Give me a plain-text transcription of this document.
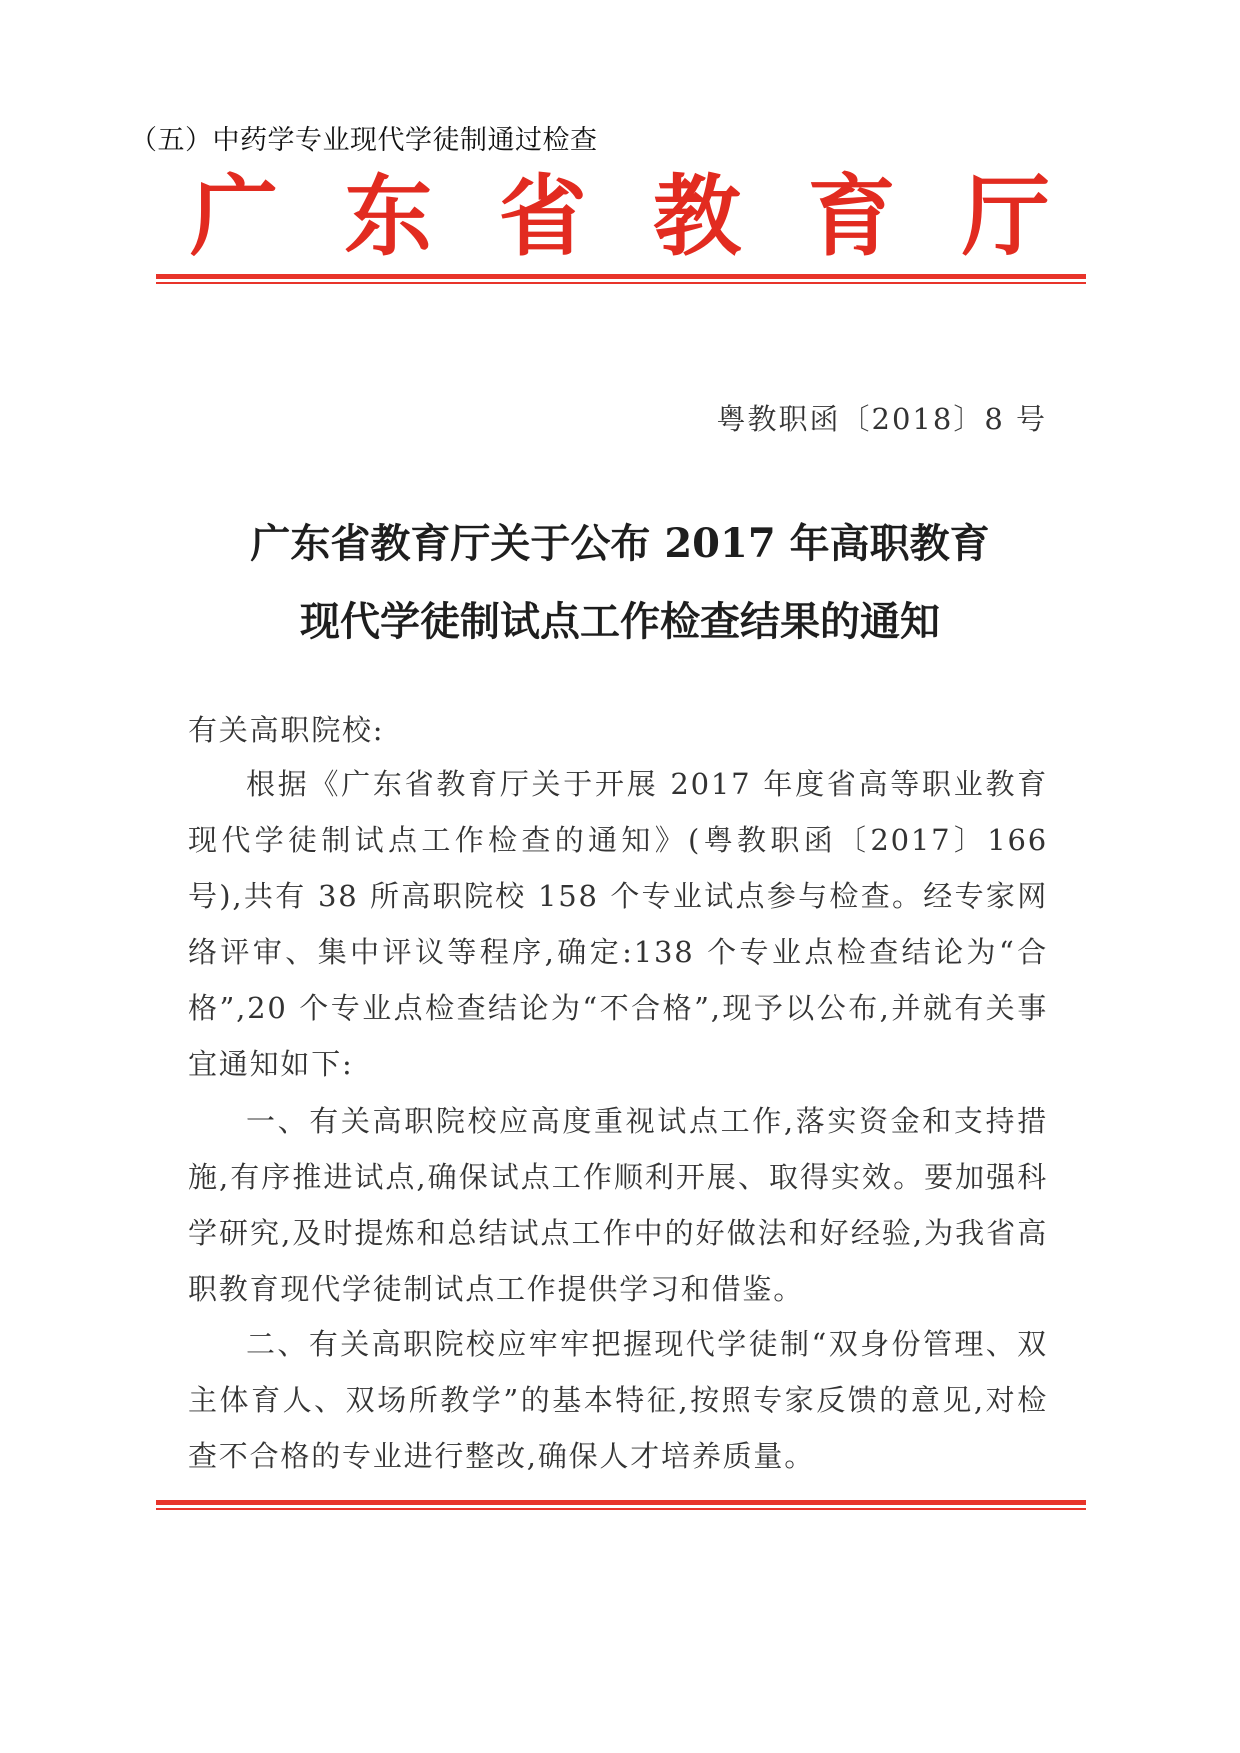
（五）中药学专业现代学徒制通过检查
广 东 省 教 育 厅
粤教职函〔2018〕8 号
广东省教育厅关于公布 2017 年高职教育
现代学徒制试点工作检查结果的通知
有关高职院校:
根据《广东省教育厅关于开展 2017 年度省高等职业教育现代学徒制试点工作检查的通知》(粤教职函〔2017〕166 号),共有 38 所高职院校 158 个专业试点参与检查。经专家网络评审、集中评议等程序,确定:138 个专业点检查结论为“合格”,20 个专业点检查结论为“不合格”,现予以公布,并就有关事宜通知如下:
一、有关高职院校应高度重视试点工作,落实资金和支持措施,有序推进试点,确保试点工作顺利开展、取得实效。要加强科学研究,及时提炼和总结试点工作中的好做法和好经验,为我省高职教育现代学徒制试点工作提供学习和借鉴。
二、有关高职院校应牢牢把握现代学徒制“双身份管理、双主体育人、双场所教学”的基本特征,按照专家反馈的意见,对检查不合格的专业进行整改,确保人才培养质量。
